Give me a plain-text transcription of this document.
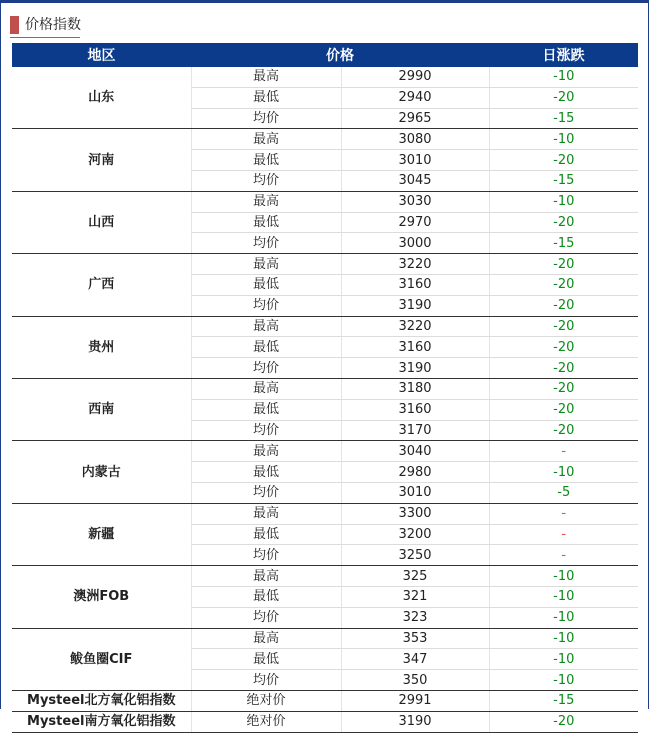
价格指数
地区	价格		日涨跌
山东	最高	2990	-10
	最低	2940	-20
	均价	2965	-15
河南	最高	3080	-10
	最低	3010	-20
	均价	3045	-15
山西	最高	3030	-10
	最低	2970	-20
	均价	3000	-15
广西	最高	3220	-20
	最低	3160	-20
	均价	3190	-20
贵州	最高	3220	-20
	最低	3160	-20
	均价	3190	-20
西南	最高	3180	-20
	最低	3160	-20
	均价	3170	-20
内蒙古	最高	3040	-
	最低	2980	-10
	均价	3010	-5
新疆	最高	3300	-
	最低	3200	-
	均价	3250	-
澳洲FOB	最高	325	-10
	最低	321	-10
	均价	323	-10
鲅鱼圈CIF	最高	353	-10
	最低	347	-10
	均价	350	-10
Mysteel北方氧化铝指数	绝对价	2991	-15
Mysteel南方氧化铝指数	绝对价	3190	-20
